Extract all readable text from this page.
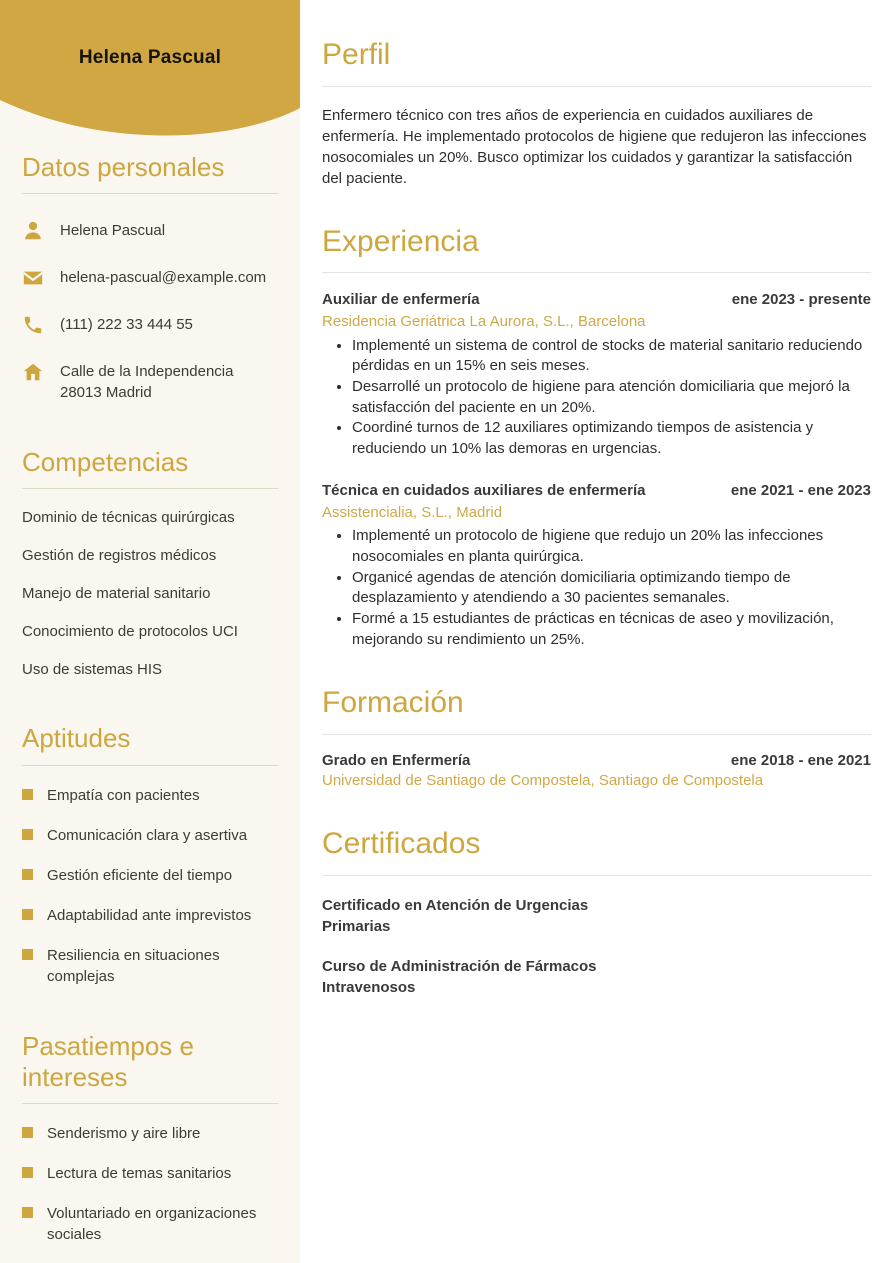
Helena Pascual
Datos personales
Helena Pascual
helena-pascual@example.com
(111) 222 33 444 55
Calle de la Independencia
28013 Madrid
Competencias
Dominio de técnicas quirúrgicas
Gestión de registros médicos
Manejo de material sanitario
Conocimiento de protocolos UCI
Uso de sistemas HIS
Aptitudes
Empatía con pacientes
Comunicación clara y asertiva
Gestión eficiente del tiempo
Adaptabilidad ante imprevistos
Resiliencia en situaciones complejas
Pasatiempos e intereses
Senderismo y aire libre
Lectura de temas sanitarios
Voluntariado en organizaciones sociales
Perfil

Enfermero técnico con tres años de experiencia en cuidados auxiliares de enfermería. He implementado protocolos de higiene que redujeron las infecciones nosocomiales un 20%. Busco optimizar los cuidados y garantizar la satisfacción del paciente.

Experiencia
Auxiliar de enfermería	ene 2023 - presente
Residencia Geriátrica La Aurora, S.L., Barcelona
• Implementé un sistema de control de stocks de material sanitario reduciendo pérdidas en un 15% en seis meses.
• Desarrollé un protocolo de higiene para atención domiciliaria que mejoró la satisfacción del paciente en un 20%.
• Coordiné turnos de 12 auxiliares optimizando tiempos de asistencia y reduciendo un 10% las demoras en urgencias.
Técnica en cuidados auxiliares de enfermería	ene 2021 - ene 2023
Assistencialia, S.L., Madrid
• Implementé un protocolo de higiene que redujo un 20% las infecciones nosocomiales en planta quirúrgica.
• Organicé agendas de atención domiciliaria optimizando tiempo de desplazamiento y atendiendo a 30 pacientes semanales.
• Formé a 15 estudiantes de prácticas en técnicas de aseo y movilización, mejorando su rendimiento un 25%.
Formación
Grado en Enfermería	ene 2018 - ene 2021
Universidad de Santiago de Compostela, Santiago de Compostela
Certificados
Certificado en Atención de Urgencias Primarias
Curso de Administración de Fármacos Intravenosos
